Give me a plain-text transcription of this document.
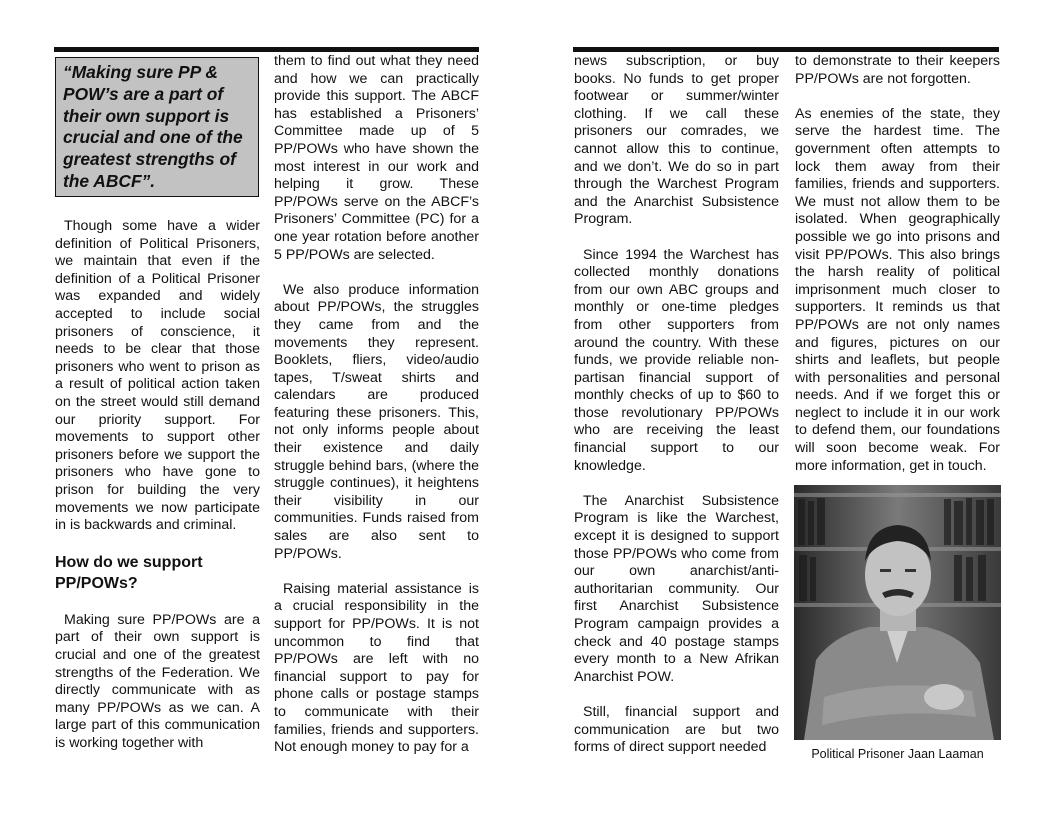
“Making sure PP & POW’s are a part of their own support is crucial and one of the greatest strengths of the ABCF”.

Though some have a wider definition of Political Prisoners, we maintain that even if the definition of a Political Prisoner was expanded and widely accepted to include social prisoners of conscience, it needs to be clear that those prisoners who went to prison as a result of political action taken on the street would still demand our priority support. For movements to support other prisoners before we support the prisoners who have gone to prison for building the very movements we now participate in is backwards and criminal.

How do we support PP/POWs?

Making sure PP/POWs are a part of their own support is crucial and one of the greatest strengths of the Federation. We directly communicate with as many PP/POWs as we can. A large part of this communication is working together with

them to find out what they need and how we can practically provide this support. The ABCF has established a Prisoners’ Committee made up of 5 PP/POWs who have shown the most interest in our work and helping it grow. These PP/POWs serve on the ABCF’s Prisoners’ Committee (PC) for a one year rotation before another 5 PP/POWs are selected.

We also produce information about PP/POWs, the struggles they came from and the movements they represent. Booklets, fliers, video/audio tapes, T/sweat shirts and calendars are produced featuring these prisoners. This, not only informs people about their existence and daily struggle behind bars, (where the struggle continues), it heightens their visibility in our communities. Funds raised from sales are also sent to PP/POWs.

Raising material assistance is a crucial responsibility in the support for PP/POWs. It is not uncommon to find that PP/POWs are left with no financial support to pay for phone calls or postage stamps to communicate with their families, friends and supporters. Not enough money to pay for a

news subscription, or buy books. No funds to get proper footwear or summer/winter clothing. If we call these prisoners our comrades, we cannot allow this to continue, and we don’t. We do so in part through the Warchest Program and the Anarchist Subsistence Program.

Since 1994 the Warchest has collected monthly donations from our own ABC groups and monthly or one-time pledges from other supporters from around the country. With these funds, we provide reliable non-partisan financial support of monthly checks of up to $60 to those revolutionary PP/POWs who are receiving the least financial support to our knowledge.

The Anarchist Subsistence Program is like the Warchest, except it is designed to support those PP/POWs who come from our own anarchist/anti-authoritarian community. Our first Anarchist Subsistence Program campaign provides a check and 40 postage stamps every month to a New Afrikan Anarchist POW.

Still, financial support and communication are but two forms of direct support needed

to demonstrate to their keepers PP/POWs are not forgotten.

As enemies of the state, they serve the hardest time. The government often attempts to lock them away from their families, friends and supporters. We must not allow them to be isolated. When geographically possible we go into prisons and visit PP/POWs. This also brings the harsh reality of political imprisonment much closer to supporters. It reminds us that PP/POWs are not only names and figures, pictures on our shirts and leaflets, but people with personalities and personal needs. And if we forget this or neglect to include it in our work to defend them, our foundations will soon become weak. For more information, get in touch.

Political Prisoner Jaan Laaman
